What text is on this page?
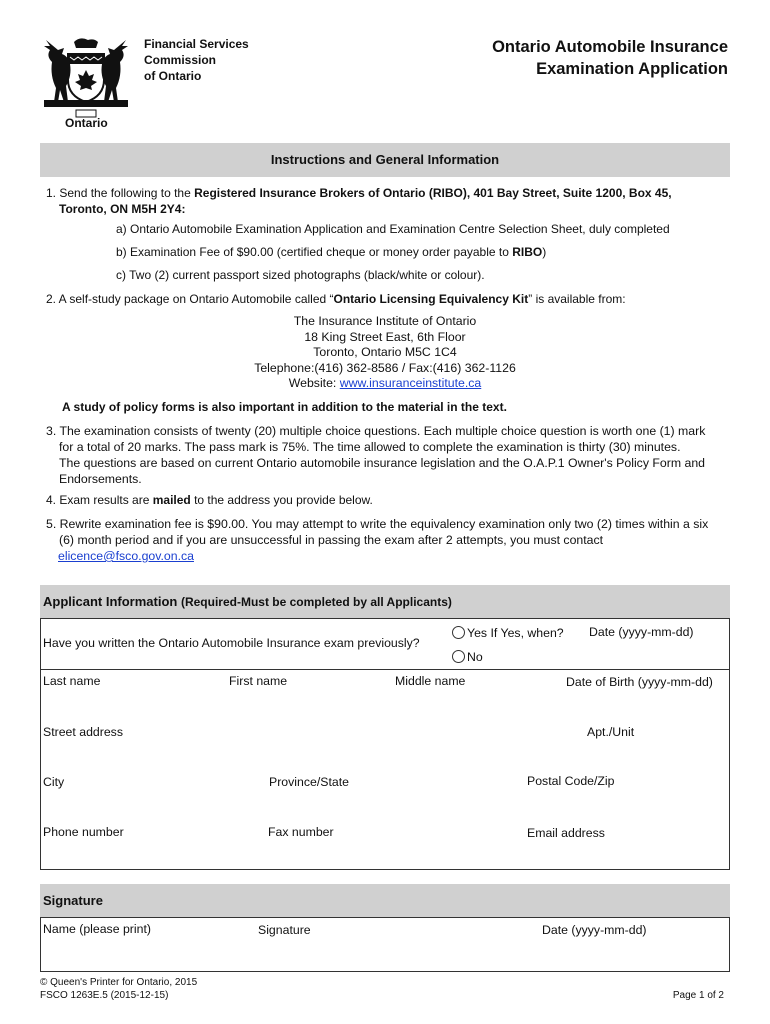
Ontario
Financial Services
Commission
of Ontario
Ontario Automobile Insurance
Examination Application
Instructions and General Information
1. Send the following to the Registered Insurance Brokers of Ontario (RIBO), 401 Bay Street, Suite 1200, Box 45,
Toronto, ON M5H 2Y4:
a) Ontario Automobile Examination Application and Examination Centre Selection Sheet, duly completed
b) Examination Fee of $90.00 (certified cheque or money order payable to RIBO)
c) Two (2) current passport sized photographs (black/white or colour).
2. A self-study package on Ontario Automobile called “Ontario Licensing Equivalency Kit” is available from:
The Insurance Institute of Ontario
18 King Street East, 6th Floor
Toronto, Ontario M5C 1C4
Telephone:(416) 362-8586 / Fax:(416) 362-1126
Website: www.insuranceinstitute.ca
A study of policy forms is also important in addition to the material in the text.
3. The examination consists of twenty (20) multiple choice questions. Each multiple choice question is worth one (1) mark
for a total of 20 marks. The pass mark is 75%. The time allowed to complete the examination is thirty (30) minutes.
The questions are based on current Ontario automobile insurance legislation and the O.A.P.1 Owner's Policy Form and
Endorsements.
4. Exam results are mailed to the address you provide below.
5. Rewrite examination fee is $90.00. You may attempt to write the equivalency examination only two (2) times within a six
(6) month period and if you are unsuccessful in passing the exam after 2 attempts, you must contact
elicence@fsco.gov.on.ca
Applicant Information (Required-Must be completed by all Applicants)
Have you written the Ontario Automobile Insurance exam previously?
Yes If Yes, when?
No
Date (yyyy-mm-dd)
Last name	First name	Middle name	Date of Birth (yyyy-mm-dd)
Street address	Apt./Unit
City	Province/State	Postal Code/Zip
Phone number	Fax number	Email address
Signature
Name (please print)	Signature	Date (yyyy-mm-dd)
© Queen's Printer for Ontario, 2015
FSCO 1263E.5 (2015-12-15)	Page 1 of 2
